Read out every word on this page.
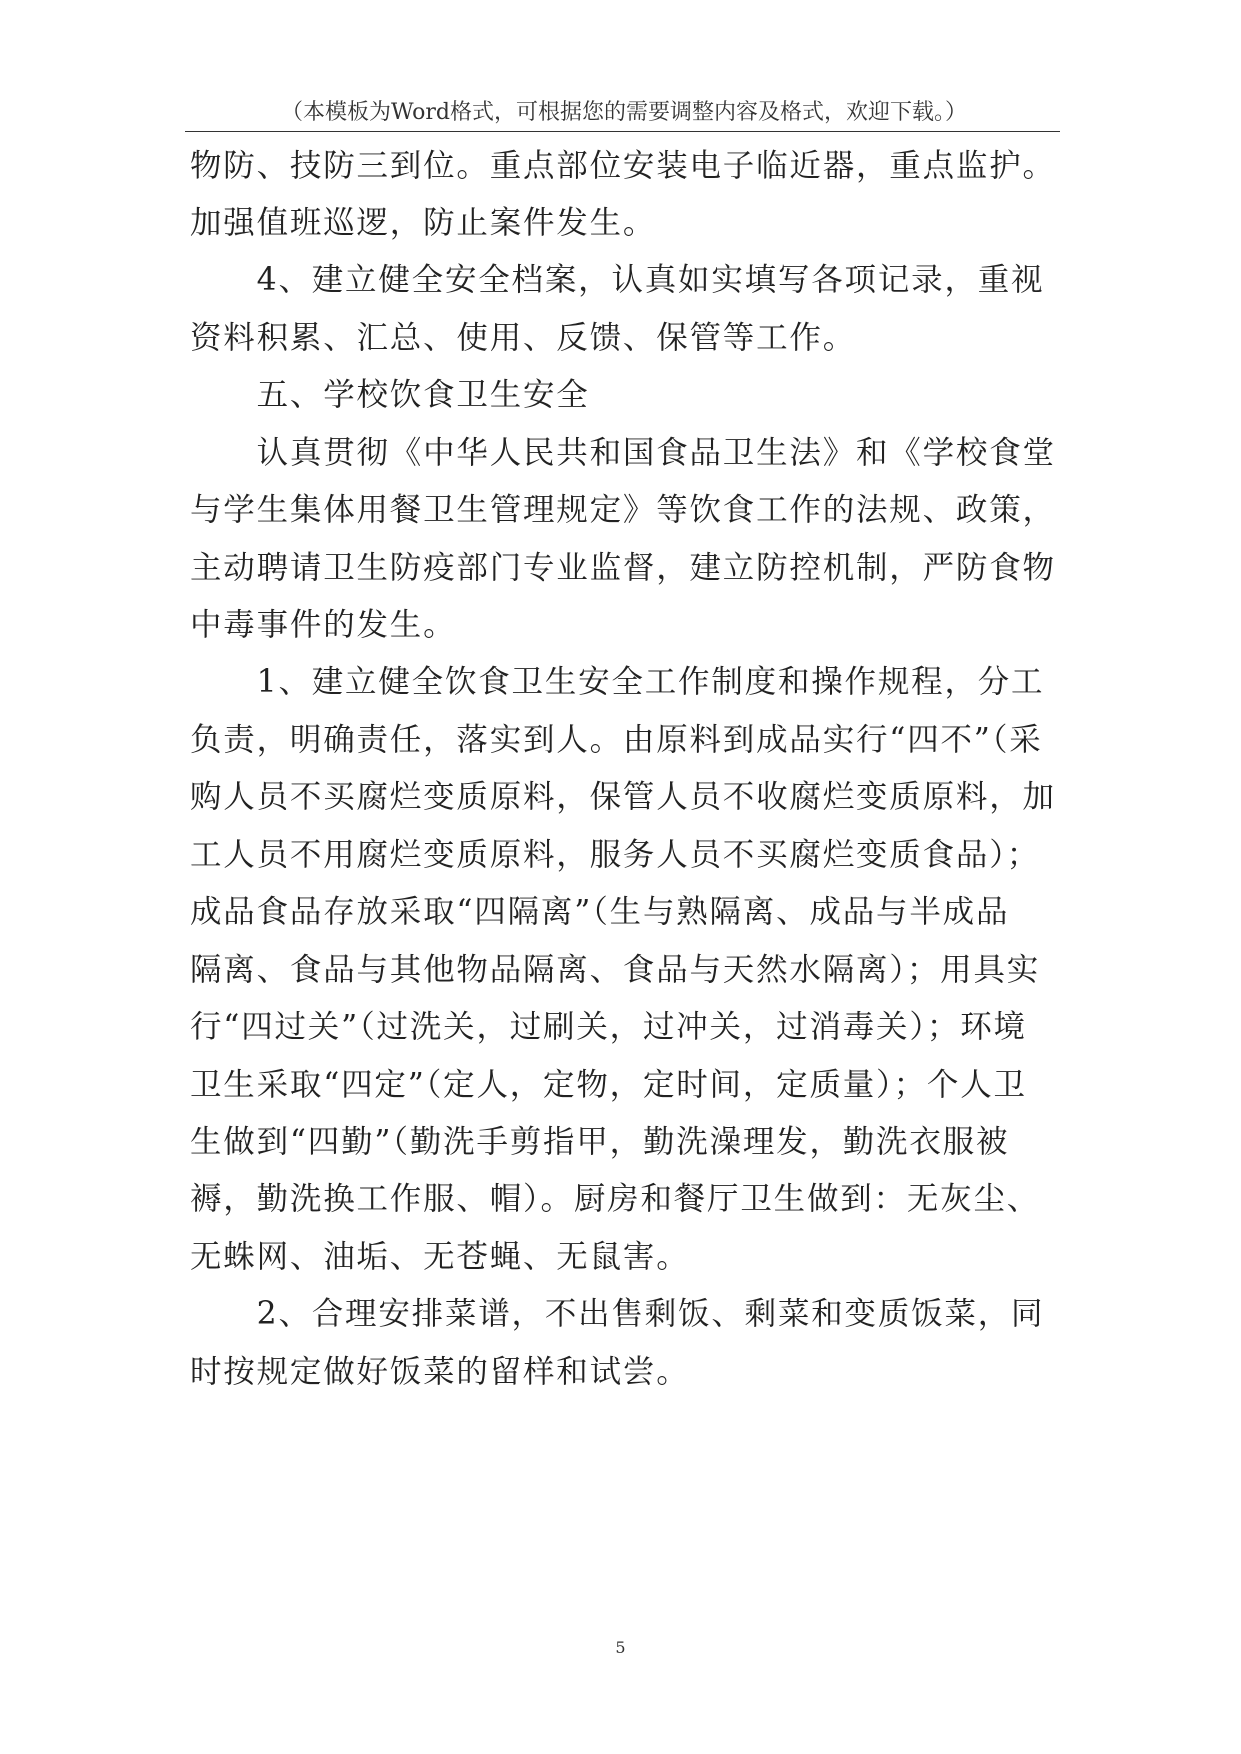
（本模板为Word格式，可根据您的需要调整内容及格式，欢迎下载。）

物防、技防三到位。重点部位安装电子临近器，重点监护。

加强值班巡逻，防止案件发生。

　　4、建立健全安全档案，认真如实填写各项记录，重视

资料积累、汇总、使用、反馈、保管等工作。

　　五、学校饮食卫生安全

　　认真贯彻《中华人民共和国食品卫生法》和《学校食堂

与学生集体用餐卫生管理规定》等饮食工作的法规、政策，

主动聘请卫生防疫部门专业监督，建立防控机制，严防食物

中毒事件的发生。

　　1、建立健全饮食卫生安全工作制度和操作规程，分工

负责，明确责任，落实到人。由原料到成品实行“四不”（采

购人员不买腐烂变质原料，保管人员不收腐烂变质原料，加

工人员不用腐烂变质原料，服务人员不买腐烂变质食品）；

成品食品存放采取“四隔离”（生与熟隔离、成品与半成品

隔离、食品与其他物品隔离、食品与天然水隔离）；用具实

行“四过关”（过洗关，过刷关，过冲关，过消毒关）；环境

卫生采取“四定”（定人，定物，定时间，定质量）；个人卫

生做到“四勤”（勤洗手剪指甲，勤洗澡理发，勤洗衣服被

褥，勤洗换工作服、帽）。厨房和餐厅卫生做到：无灰尘、

无蛛网、油垢、无苍蝇、无鼠害。

　　2、合理安排菜谱，不出售剩饭、剩菜和变质饭菜，同

时按规定做好饭菜的留样和试尝。

5
